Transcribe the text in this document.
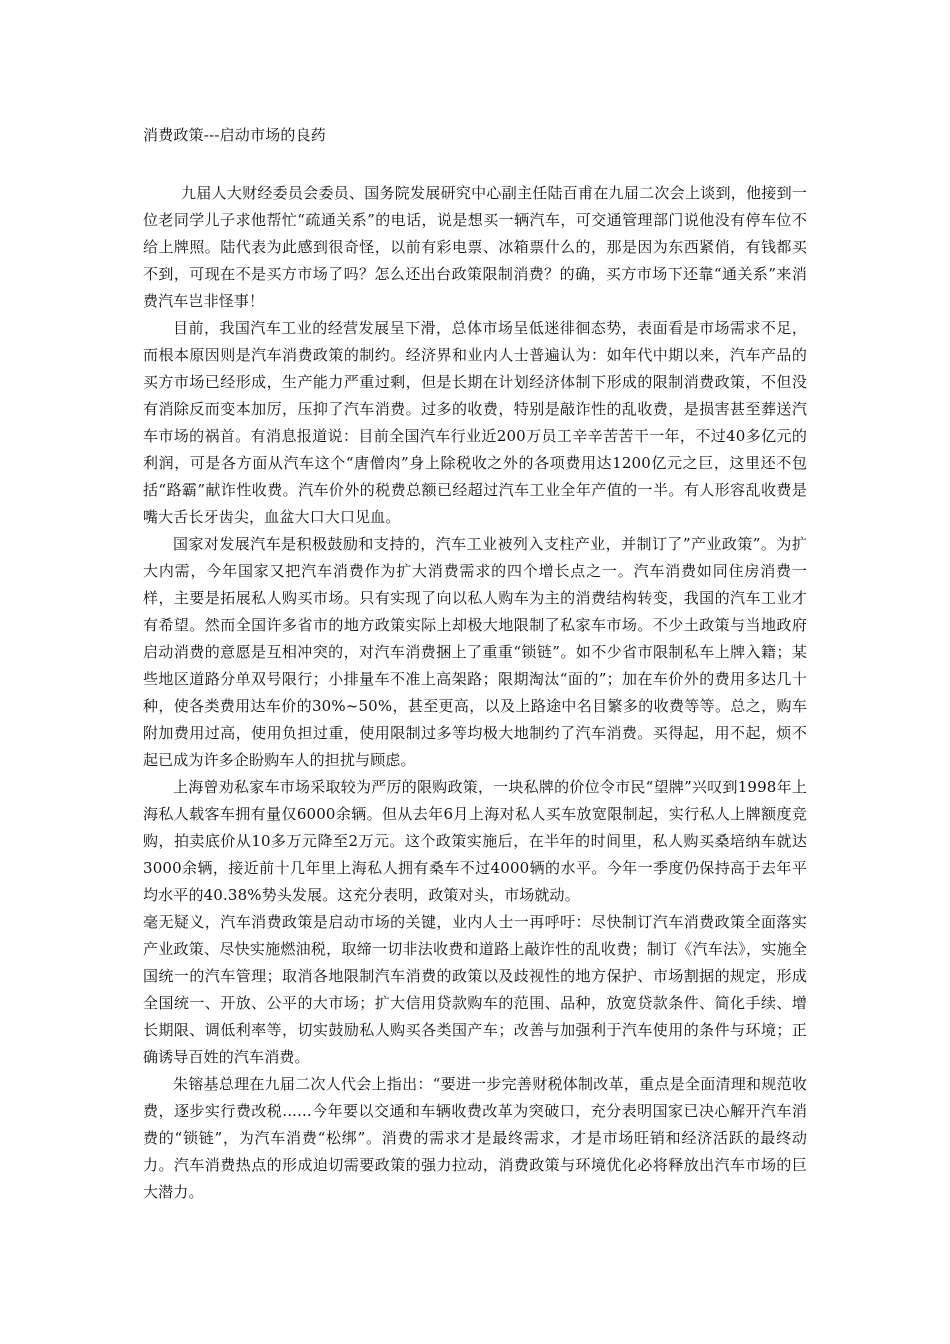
消费政策---启动市场的良药

九届人大财经委员会委员、国务院发展研究中心副主任陆百甫在九届二次会上谈到，他接到一位老同学儿子求他帮忙“疏通关系”的电话，说是想买一辆汽车，可交通管理部门说他没有停车位不给上牌照。陆代表为此感到很奇怪，以前有彩电票、冰箱票什么的，那是因为东西紧俏，有钱都买不到，可现在不是买方市场了吗？怎么还出台政策限制消费？的确，买方市场下还靠“通关系”来消费汽车岂非怪事！

目前，我国汽车工业的经营发展呈下滑，总体市场呈低迷徘徊态势，表面看是市场需求不足，而根本原因则是汽车消费政策的制约。经济界和业内人士普遍认为：如年代中期以来，汽车产品的买方市场已经形成，生产能力严重过剩，但是长期在计划经济体制下形成的限制消费政策，不但没有消除反而变本加厉，压抑了汽车消费。过多的收费，特别是敲诈性的乱收费，是损害甚至葬送汽车市场的祸首。有消息报道说：目前全国汽车行业近200万员工辛辛苦苦干一年，不过40多亿元的利润，可是各方面从汽车这个“唐僧肉”身上除税收之外的各项费用达1200亿元之巨，这里还不包括“路霸”献诈性收费。汽车价外的税费总额已经超过汽车工业全年产值的一半。有人形容乱收费是嘴大舌长牙齿尖，血盆大口大口见血。

国家对发展汽车是积极鼓励和支持的，汽车工业被列入支柱产业，并制订了”产业政策”。为扩大内需，今年国家又把汽车消费作为扩大消费需求的四个增长点之一。汽车消费如同住房消费一样，主要是拓展私人购买市场。只有实现了向以私人购车为主的消费结构转变，我国的汽车工业才有希望。然而全国许多省市的地方政策实际上却极大地限制了私家车市场。不少土政策与当地政府启动消费的意愿是互相冲突的，对汽车消费捆上了重重“锁链”。如不少省市限制私车上牌入籍；某些地区道路分单双号限行；小排量车不准上高架路；限期淘汰“面的”；加在车价外的费用多达几十种，使各类费用达车价的30%~50%，甚至更高，以及上路途中名目繁多的收费等等。总之，购车附加费用过高，使用负担过重，使用限制过多等均极大地制约了汽车消费。买得起，用不起，烦不起已成为许多企盼购车人的担扰与顾虑。

上海曾劝私家车市场采取较为严厉的限购政策，一块私牌的价位令市民“望牌”兴叹到1998年上海私人载客车拥有量仅6000余辆。但从去年6月上海对私人买车放宽限制起，实行私人上牌额度竞购，拍卖底价从10多万元降至2万元。这个政策实施后，在半年的时间里，私人购买桑培纳车就达3000余辆，接近前十几年里上海私人拥有桑车不过4000辆的水平。今年一季度仍保持高于去年平均水平的40.38%势头发展。这充分表明，政策对头，市场就动。

毫无疑义，汽车消费政策是启动市场的关键，业内人士一再呼吁：尽快制订汽车消费政策全面落实产业政策、尽快实施燃油税，取缔一切非法收费和道路上敲诈性的乱收费；制订《汽车法》，实施全国统一的汽车管理；取消各地限制汽车消费的政策以及歧视性的地方保护、市场割据的规定，形成全国统一、开放、公平的大市场；扩大信用贷款购车的范围、品种，放宽贷款条件、简化手续、增长期限、调低利率等，切实鼓励私人购买各类国产车；改善与加强利于汽车使用的条件与环境；正确诱导百姓的汽车消费。

朱镕基总理在九届二次人代会上指出：“要进一步完善财税体制改革，重点是全面清理和规范收费，逐步实行费改税......今年要以交通和车辆收费改革为突破口，充分表明国家已决心解开汽车消费的“锁链”，为汽车消费“松绑”。消费的需求才是最终需求，才是市场旺销和经济活跃的最终动力。汽车消费热点的形成迫切需要政策的强力拉动，消费政策与环境优化必将释放出汽车市场的巨大潜力。
